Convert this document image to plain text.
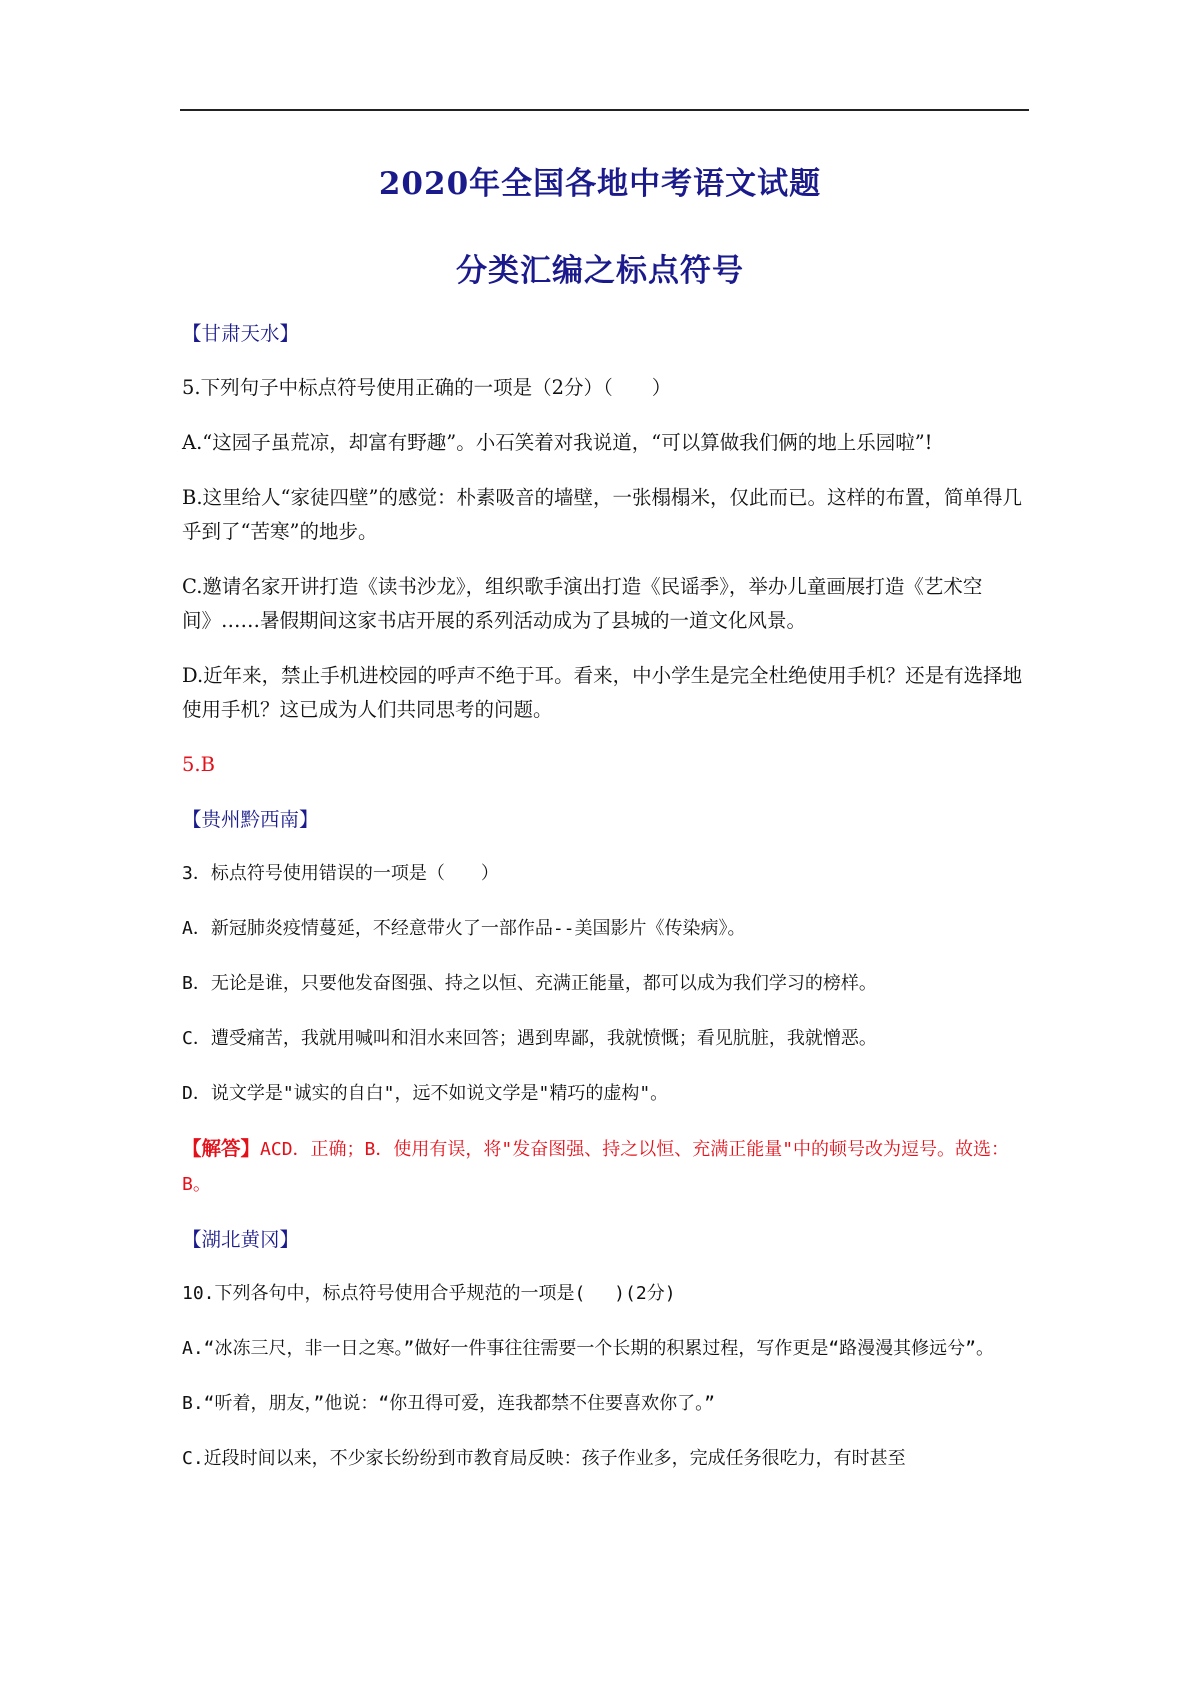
2020年全国各地中考语文试题
分类汇编之标点符号

【甘肃天水】

5.下列句子中标点符号使用正确的一项是（2分）（　　）

A.“这园子虽荒凉，却富有野趣”。小石笑着对我说道，“可以算做我们俩的地上乐园啦”!

B.这里给人“家徒四壁”的感觉：朴素吸音的墙壁，一张榻榻米，仅此而已。这样的布置，简单得几乎到了“苦寒”的地步。

C.邀请名家开讲打造《读书沙龙》，组织歌手演出打造《民谣季》，举办儿童画展打造《艺术空间》……暑假期间这家书店开展的系列活动成为了县城的一道文化风景。

D.近年来，禁止手机进校园的呼声不绝于耳。看来，中小学生是完全杜绝使用手机？还是有选择地使用手机？这已成为人们共同思考的问题。

5.B

【贵州黔西南】

3．标点符号使用错误的一项是（　　）

A．新冠肺炎疫情蔓延，不经意带火了一部作品--美国影片《传染病》。

B．无论是谁，只要他发奋图强、持之以恒、充满正能量，都可以成为我们学习的榜样。

C．遭受痛苦，我就用喊叫和泪水来回答；遇到卑鄙，我就愤慨；看见肮脏，我就憎恶。

D．说文学是"诚实的自白"，远不如说文学是"精巧的虚构"。

【解答】ACD．正确；B．使用有误，将"发奋图强、持之以恒、充满正能量"中的顿号改为逗号。故选：B。

【湖北黄冈】

10.下列各句中，标点符号使用合乎规范的一项是(　 )(2分)

A.“冰冻三尺，非一日之寒。”做好一件事往往需要一个长期的积累过程，写作更是“路漫漫其修远兮”。

B.“听着，朋友，”他说：“你丑得可爱，连我都禁不住要喜欢你了。”

C.近段时间以来，不少家长纷纷到市教育局反映：孩子作业多，完成任务很吃力，有时甚至
